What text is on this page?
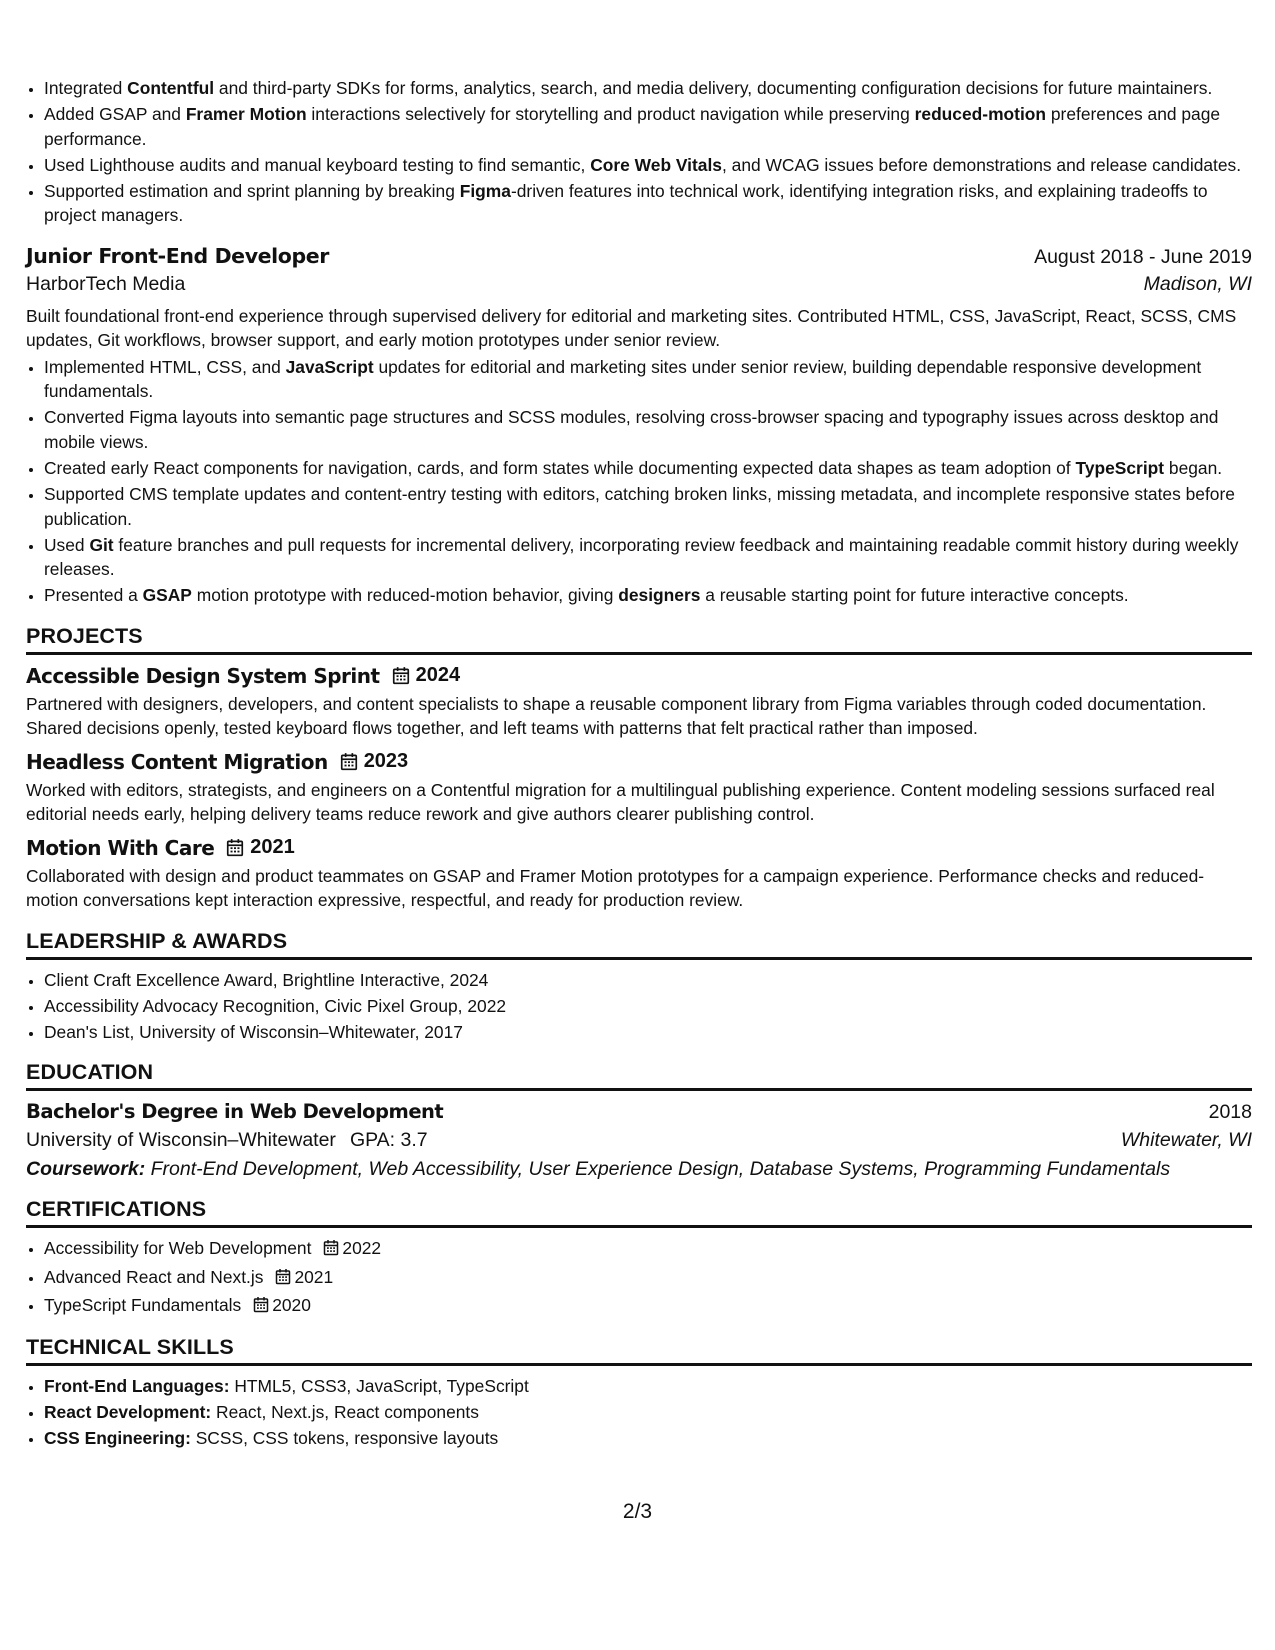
• Integrated Contentful and third-party SDKs for forms, analytics, search, and media delivery, documenting configuration decisions for future maintainers.
• Added GSAP and Framer Motion interactions selectively for storytelling and product navigation while preserving reduced-motion preferences and page performance.
• Used Lighthouse audits and manual keyboard testing to find semantic, Core Web Vitals, and WCAG issues before demonstrations and release candidates.
• Supported estimation and sprint planning by breaking Figma-driven features into technical work, identifying integration risks, and explaining tradeoffs to project managers.
Junior Front-End Developer	August 2018 - June 2019
HarborTech Media	Madison, WI
Built foundational front-end experience through supervised delivery for editorial and marketing sites. Contributed HTML, CSS, JavaScript, React, SCSS, CMS updates, Git workflows, browser support, and early motion prototypes under senior review.
• Implemented HTML, CSS, and JavaScript updates for editorial and marketing sites under senior review, building dependable responsive development fundamentals.
• Converted Figma layouts into semantic page structures and SCSS modules, resolving cross-browser spacing and typography issues across desktop and mobile views.
• Created early React components for navigation, cards, and form states while documenting expected data shapes as team adoption of TypeScript began.
• Supported CMS template updates and content-entry testing with editors, catching broken links, missing metadata, and incomplete responsive states before publication.
• Used Git feature branches and pull requests for incremental delivery, incorporating review feedback and maintaining readable commit history during weekly releases.
• Presented a GSAP motion prototype with reduced-motion behavior, giving designers a reusable starting point for future interactive concepts.
PROJECTS
Accessible Design System Sprint 2024
Partnered with designers, developers, and content specialists to shape a reusable component library from Figma variables through coded documentation. Shared decisions openly, tested keyboard flows together, and left teams with patterns that felt practical rather than imposed.
Headless Content Migration 2023
Worked with editors, strategists, and engineers on a Contentful migration for a multilingual publishing experience. Content modeling sessions surfaced real editorial needs early, helping delivery teams reduce rework and give authors clearer publishing control.
Motion With Care 2021
Collaborated with design and product teammates on GSAP and Framer Motion prototypes for a campaign experience. Performance checks and reduced-motion conversations kept interaction expressive, respectful, and ready for production review.
LEADERSHIP & AWARDS
• Client Craft Excellence Award, Brightline Interactive, 2024
• Accessibility Advocacy Recognition, Civic Pixel Group, 2022
• Dean's List, University of Wisconsin–Whitewater, 2017
EDUCATION
Bachelor's Degree in Web Development	2018
University of Wisconsin–Whitewater GPA: 3.7	Whitewater, WI
Coursework: Front-End Development, Web Accessibility, User Experience Design, Database Systems, Programming Fundamentals
CERTIFICATIONS
• Accessibility for Web Development 2022
• Advanced React and Next.js 2021
• TypeScript Fundamentals 2020
TECHNICAL SKILLS
• Front-End Languages: HTML5, CSS3, JavaScript, TypeScript
• React Development: React, Next.js, React components
• CSS Engineering: SCSS, CSS tokens, responsive layouts
2/3
